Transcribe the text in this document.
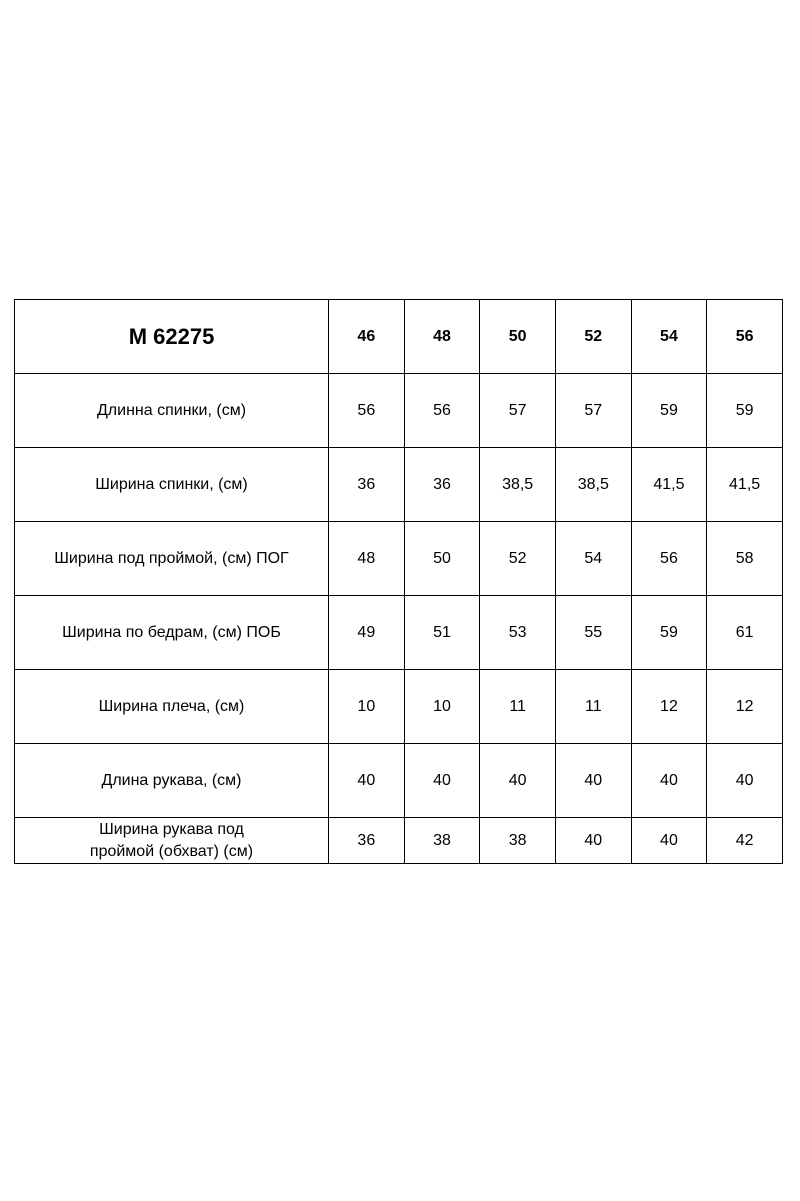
М 62275	46	48	50	52	54	56
Длинна спинки, (см)	56	56	57	57	59	59
Ширина спинки, (см)	36	36	38,5	38,5	41,5	41,5
Ширина под проймой, (см) ПОГ	48	50	52	54	56	58
Ширина по бедрам, (см) ПОБ	49	51	53	55	59	61
Ширина плеча, (см)	10	10	11	11	12	12
Длина рукава, (см)	40	40	40	40	40	40

Ширина рукава под
проймой (обхват) (см)	36	38	38	40	40	42
